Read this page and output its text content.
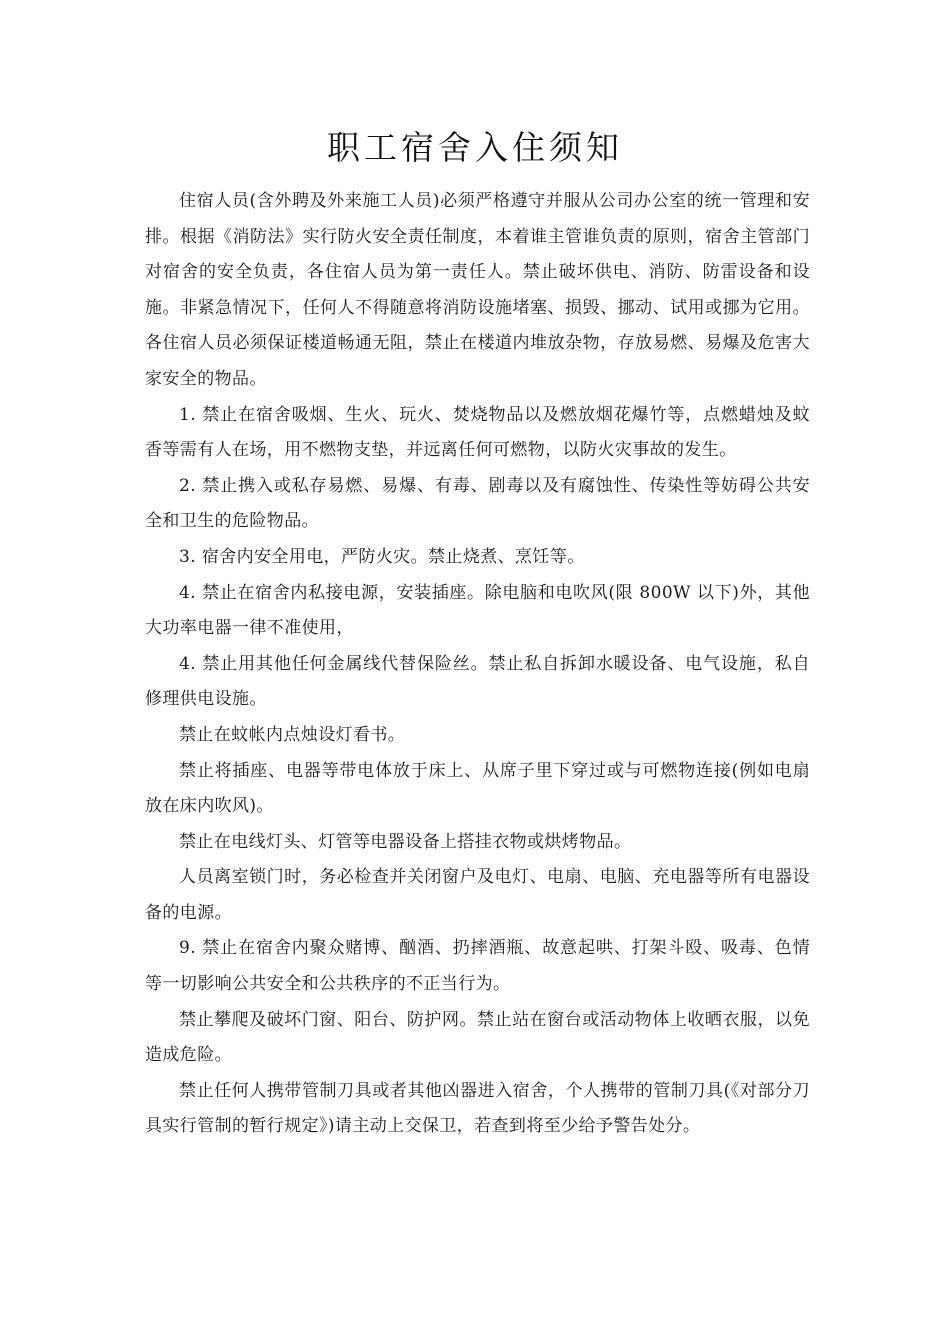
职工宿舍入住须知

住宿人员(含外聘及外来施工人员)必须严格遵守并服从公司办公室的统一管理和安排。根据《消防法》实行防火安全责任制度，本着谁主管谁负责的原则，宿舍主管部门对宿舍的安全负责，各住宿人员为第一责任人。禁止破坏供电、消防、防雷设备和设施。非紧急情况下，任何人不得随意将消防设施堵塞、损毁、挪动、试用或挪为它用。 各住宿人员必须保证楼道畅通无阻，禁止在楼道内堆放杂物，存放易燃、易爆及危害大家安全的物品。

1. 禁止在宿舍吸烟、生火、玩火、焚烧物品以及燃放烟花爆竹等，点燃蜡烛及蚊香等需有人在场，用不燃物支垫，并远离任何可燃物，以防火灾事故的发生。

2. 禁止携入或私存易燃、易爆、有毒、剧毒以及有腐蚀性、传染性等妨碍公共安全和卫生的危险物品。

3. 宿舍内安全用电，严防火灾。禁止烧煮、烹饪等。

4. 禁止在宿舍内私接电源，安装插座。除电脑和电吹风(限 800W 以下)外，其他大功率电器一律不准使用，

4. 禁止用其他任何金属线代替保险丝。禁止私自拆卸水暖设备、电气设施，私自修理供电设施。

禁止在蚊帐内点烛设灯看书。

禁止将插座、电器等带电体放于床上、从席子里下穿过或与可燃物连接(例如电扇放在床内吹风)。

禁止在电线灯头、灯管等电器设备上搭挂衣物或烘烤物品。

人员离室锁门时，务必检查并关闭窗户及电灯、电扇、电脑、充电器等所有电器设备的电源。

9. 禁止在宿舍内聚众赌博、酗酒、扔摔酒瓶、故意起哄、打架斗殴、吸毒、色情等一切影响公共安全和公共秩序的不正当行为。

禁止攀爬及破坏门窗、阳台、防护网。禁止站在窗台或活动物体上收晒衣服，以免造成危险。

禁止任何人携带管制刀具或者其他凶器进入宿舍，个人携带的管制刀具(《对部分刀具实行管制的暂行规定》)请主动上交保卫，若查到将至少给予警告处分。
